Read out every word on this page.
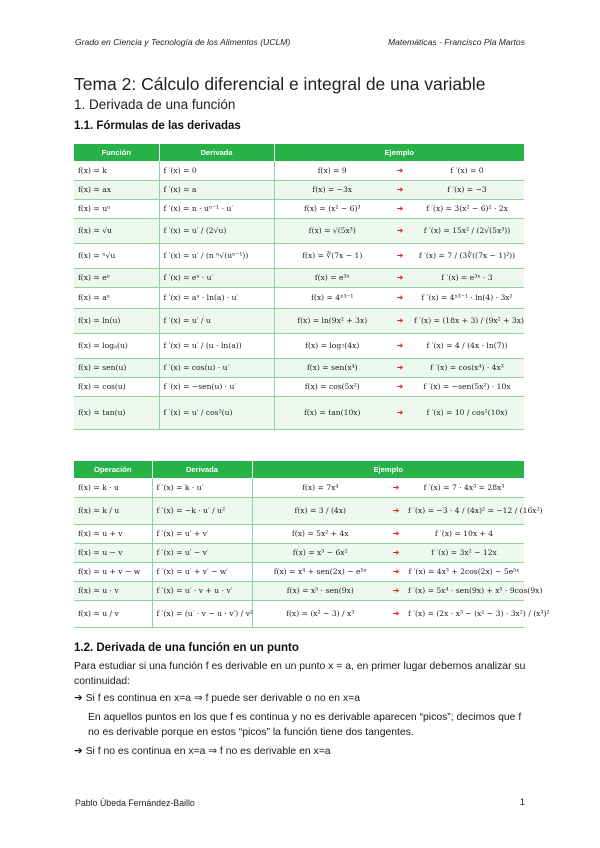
Grado en Ciencia y Tecnología de los Alimentos (UCLM)	Matemáticas - Francisco Pla Martos
Tema 2: Cálculo diferencial e integral de una variable
1. Derivada de una función
1.1. Fórmulas de las derivadas
Función	Derivada	Ejemplo		
f(x) = k	f ′(x) = 0	f(x) = 9	➜	f ′(x) = 0
f(x) = ax	f ′(x) = a	f(x) = −3x	➜	f ′(x) = −3
f(x) = uⁿ	f ′(x) = n · uⁿ⁻¹ · u′	f(x) = (x² − 6)³	➜	f ′(x) = 3(x² − 6)² · 2x
f(x) = √u	f ′(x) = u′ / (2√u)	f(x) = √(5x³)	➜	f ′(x) = 15x² / (2√(5x³))
f(x) = ⁿ√u	f ′(x) = u′ / (n ⁿ√(uⁿ⁻¹))	f(x) = ∛(7x − 1)	➜	f ′(x) = 7 / (3∛((7x − 1)²))
f(x) = eᵘ	f ′(x) = eᵘ · u′	f(x) = e³ˣ	➜	f ′(x) = e³ˣ · 3
f(x) = aᵘ	f ′(x) = aᵘ · ln(a) · u′	f(x) = 4ˣ³⁻¹	➜	f ′(x) = 4ˣ³⁻¹ · ln(4) · 3x²
f(x) = ln(u)	f ′(x) = u′ / u	f(x) = ln(9x² + 3x)	➜	f ′(x) = (18x + 3) / (9x² + 3x)
f(x) = logₐ(u)	f ′(x) = u′ / (u · ln(a))	f(x) = log₇(4x)	➜	f ′(x) = 4 / (4x · ln(7))
f(x) = sen(u)	f ′(x) = cos(u) · u′	f(x) = sen(x⁴)	➜	f ′(x) = cos(x⁴) · 4x³
f(x) = cos(u)	f ′(x) = −sen(u) · u′	f(x) = cos(5x²)	➜	f ′(x) = −sen(5x²) · 10x
f(x) = tan(u)	f ′(x) = u′ / cos²(u)	f(x) = tan(10x)	➜	f ′(x) = 10 / cos²(10x)
Operación	Derivada	Ejemplo		
f(x) = k · u	f ′(x) = k · u′	f(x) = 7x⁴	➜	f ′(x) = 7 · 4x³ = 28x³
f(x) = k / u	f ′(x) = −k · u′ / u²	f(x) = 3 / (4x)	➜	f ′(x) = −3 · 4 / (4x)² = −12 / (16x²)
f(x) = u + v	f ′(x) = u′ + v′	f(x) = 5x² + 4x	➜	f ′(x) = 10x + 4
f(x) = u − v	f ′(x) = u′ − v′	f(x) = x³ − 6x²	➜	f ′(x) = 3x² − 12x
f(x) = u + v − w	f ′(x) = u′ + v′ − w′	f(x) = x⁴ + sen(2x) − e⁵ˣ	➜	f ′(x) = 4x³ + 2cos(2x) − 5e⁵ˣ
f(x) = u · v	f ′(x) = u′ · v + u · v′	f(x) = x⁵ · sen(9x)	➜	f ′(x) = 5x⁴ · sen(9x) + x⁵ · 9cos(9x)
f(x) = u / v	f ′(x) = (u′ · v − u · v′) / v²	f(x) = (x² − 3) / x³	➜	f ′(x) = (2x · x³ − (x² − 3) · 3x²) / (x³)²
1.2. Derivada de una función en un punto
Para estudiar si una función f es derivable en un punto x = a, en primer lugar debemos analizar su continuidad:
➔ Si f es continua en x=a ⇒ f puede ser derivable o no en x=a
En aquellos puntos en los que f es continua y no es derivable aparecen “picos”; decimos que f no es derivable porque en estos “picos” la función tiene dos tangentes.
➔ Si f no es continua en x=a ⇒ f no es derivable en x=a
Pablo Úbeda Fernández-Baillo	1
